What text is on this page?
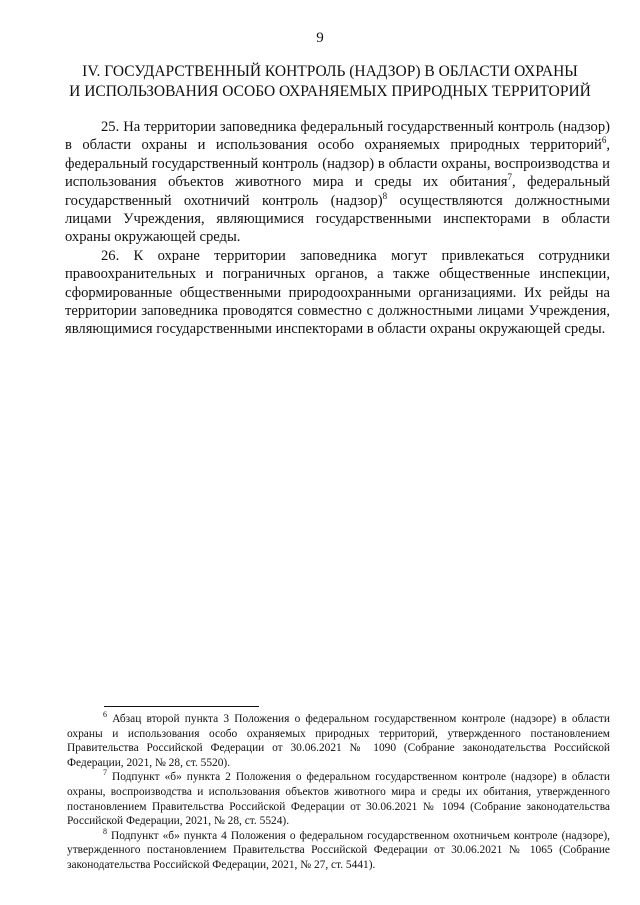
9
IV. ГОСУДАРСТВЕННЫЙ КОНТРОЛЬ (НАДЗОР) В ОБЛАСТИ ОХРАНЫ
И ИСПОЛЬЗОВАНИЯ ОСОБО ОХРАНЯЕМЫХ ПРИРОДНЫХ ТЕРРИТОРИЙ

25. На территории заповедника федеральный государственный контроль (надзор) в области охраны и использования особо охраняемых природных территорий$^6$, федеральный государственный контроль (надзор) в области охраны, воспроизводства и использования объектов животного мира и среды их обитания$^7$, федеральный государственный охотничий контроль (надзор)$^8$ осуществляются должностными лицами Учреждения, являющимися государственными инспекторами в области охраны окружающей среды.

26. К охране территории заповедника могут привлекаться сотрудники правоохранительных и пограничных органов, а также общественные инспекции, сформированные общественными природоохранными организациями. Их рейды на территории заповедника проводятся совместно с должностными лицами Учреждения, являющимися государственными инспекторами в области охраны окружающей среды.

$^6$ Абзац второй пункта 3 Положения о федеральном государственном контроле (надзоре) в области охраны и использования особо охраняемых природных территорий, утвержденного постановлением Правительства Российской Федерации от 30.06.2021 № 1090 (Собрание законодательства Российской Федерации, 2021, № 28, ст. 5520).

$^7$ Подпункт «б» пункта 2 Положения о федеральном государственном контроле (надзоре) в области охраны, воспроизводства и использования объектов животного мира и среды их обитания, утвержденного постановлением Правительства Российской Федерации от 30.06.2021 № 1094 (Собрание законодательства Российской Федерации, 2021, № 28, ст. 5524).

$^8$ Подпункт «б» пункта 4 Положения о федеральном государственном охотничьем контроле (надзоре), утвержденного постановлением Правительства Российской Федерации от 30.06.2021 № 1065 (Собрание законодательства Российской Федерации, 2021, № 27, ст. 5441).
